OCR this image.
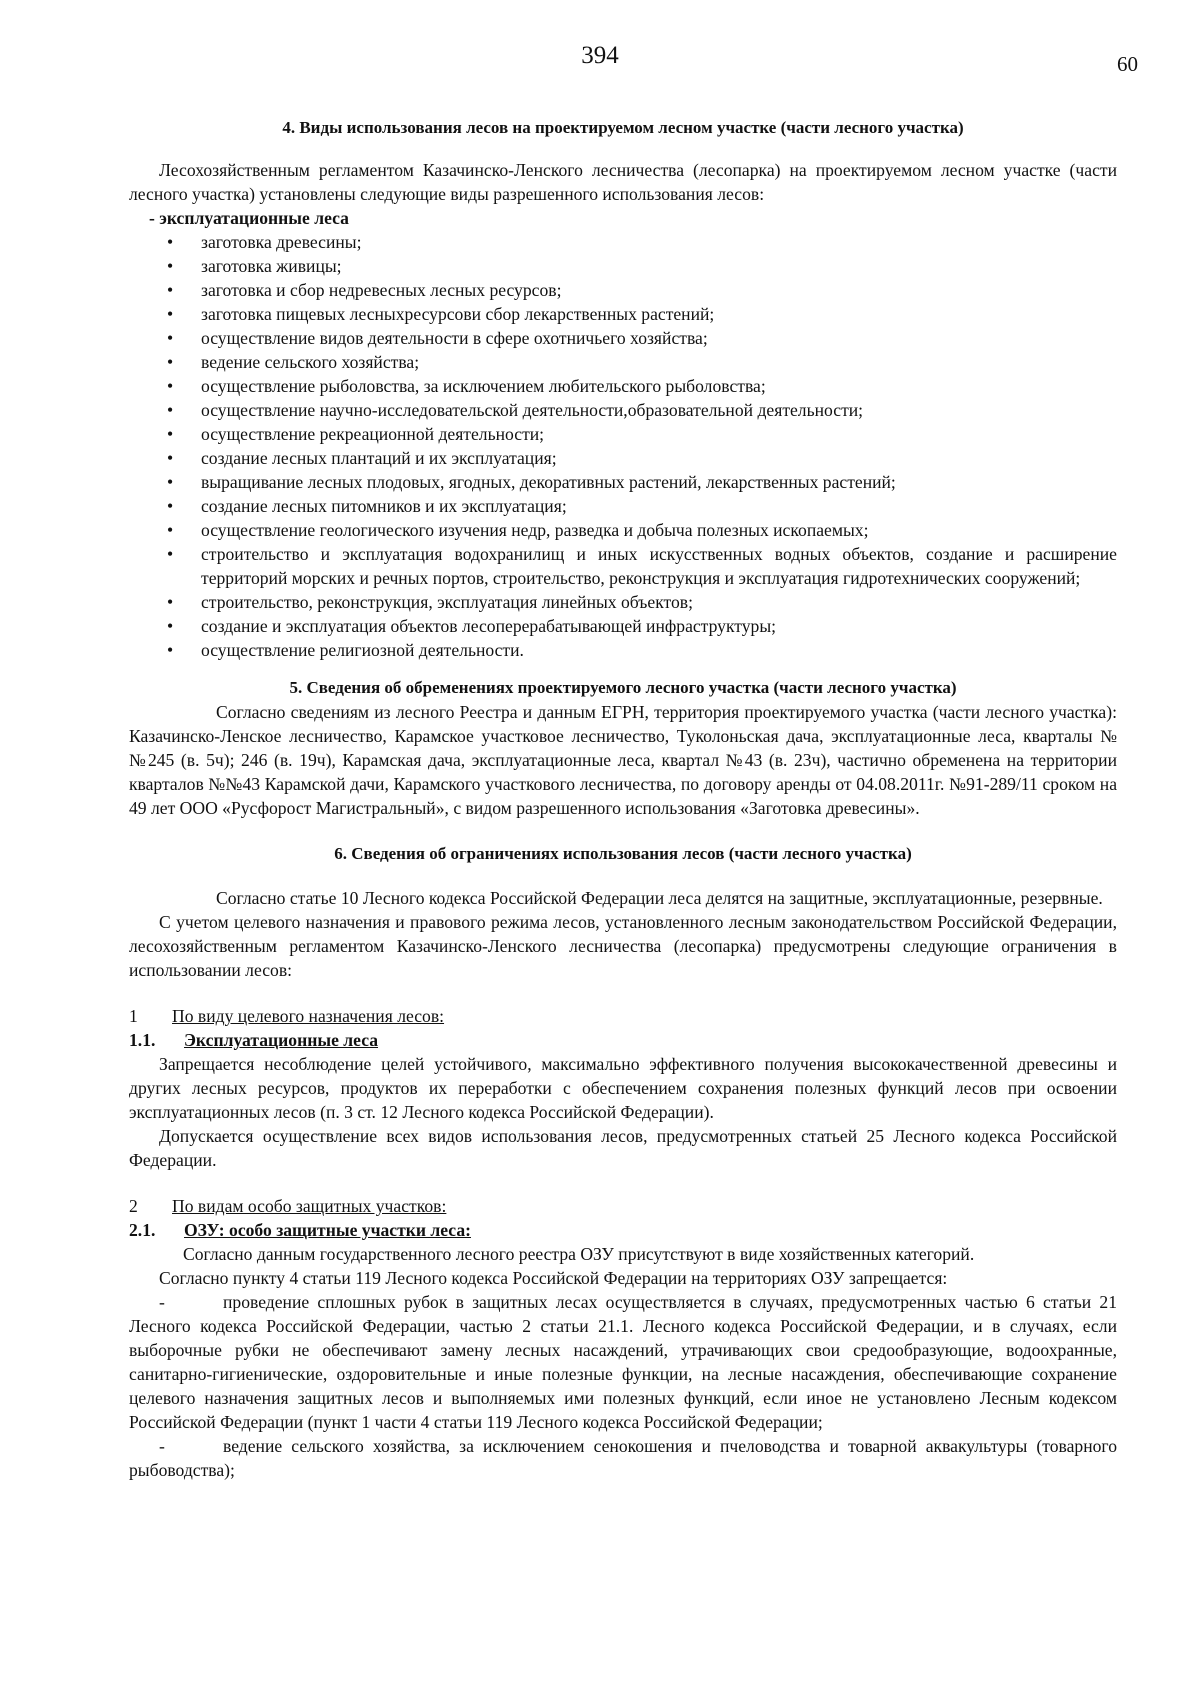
394	60

4. Виды использования лесов на проектируемом лесном участке (части лесного участка)

Лесохозяйственным регламентом Казачинско-Ленского лесничества (лесопарка) на проектируемом лесном участке (части лесного участка) установлены следующие виды разрешенного использования лесов:

- эксплуатационные леса

• заготовка древесины;
• заготовка живицы;
• заготовка и сбор недревесных лесных ресурсов;
• заготовка пищевых лесныхресурсови сбор лекарственных растений;
• осуществление видов деятельности в сфере охотничьего хозяйства;
• ведение сельского хозяйства;
• осуществление рыболовства, за исключением любительского рыболовства;
• осуществление научно-исследовательской деятельности,образовательной деятельности;
• осуществление рекреационной деятельности;
• создание лесных плантаций и их эксплуатация;
• выращивание лесных плодовых, ягодных, декоративных растений, лекарственных растений;
• создание лесных питомников и их эксплуатация;
• осуществление геологического изучения недр, разведка и добыча полезных ископаемых;
• строительство и эксплуатация водохранилищ и иных искусственных водных объектов, создание и расширение территорий морских и речных портов, строительство, реконструкция и эксплуатация гидротехнических сооружений;
• строительство, реконструкция, эксплуатация линейных объектов;
• создание и эксплуатация объектов лесоперерабатывающей инфраструктуры;
• осуществление религиозной деятельности.

5. Сведения об обременениях проектируемого лесного участка (части лесного участка)

Согласно сведениям из лесного Реестра и данным ЕГРН, территория проектируемого участка (части лесного участка): Казачинско-Ленское лесничество, Карамское участковое лесничество, Туколоньская дача, эксплуатационные леса, кварталы №№245 (в. 5ч); 246 (в. 19ч), Карамская дача, эксплуатационные леса, квартал №43 (в. 23ч), частично обременена на территории кварталов №№43 Карамской дачи, Карамского участкового лесничества, по договору аренды от 04.08.2011г. №91-289/11 сроком на 49 лет ООО «Русфорост Магистральный», с видом разрешенного использования «Заготовка древесины».

6. Сведения об ограничениях использования лесов (части лесного участка)

Согласно статье 10 Лесного кодекса Российской Федерации леса делятся на защитные, эксплуатационные, резервные.

С учетом целевого назначения и правового режима лесов, установленного лесным законодательством Российской Федерации, лесохозяйственным регламентом Казачинско-Ленского лесничества (лесопарка) предусмотрены следующие ограничения в использовании лесов:

1	По виду целевого назначения лесов:
1.1.	Эксплуатационные леса

Запрещается несоблюдение целей устойчивого, максимально эффективного получения высококачественной древесины и других лесных ресурсов, продуктов их переработки с обеспечением сохранения полезных функций лесов при освоении эксплуатационных лесов (п. 3 ст. 12 Лесного кодекса Российской Федерации).

Допускается осуществление всех видов использования лесов, предусмотренных статьей 25 Лесного кодекса Российской Федерации.

2	По видам особо защитных участков:
2.1.	ОЗУ: особо защитные участки леса:

Согласно данным государственного лесного реестра ОЗУ присутствуют в виде хозяйственных категорий.

Согласно пункту 4 статьи 119 Лесного кодекса Российской Федерации на территориях ОЗУ запрещается:

-	проведение сплошных рубок в защитных лесах осуществляется в случаях, предусмотренных частью 6 статьи 21 Лесного кодекса Российской Федерации, частью 2 статьи 21.1. Лесного кодекса Российской Федерации, и в случаях, если выборочные рубки не обеспечивают замену лесных насаждений, утрачивающих свои средообразующие, водоохранные, санитарно-гигиенические, оздоровительные и иные полезные функции, на лесные насаждения, обеспечивающие сохранение целевого назначения защитных лесов и выполняемых ими полезных функций, если иное не установлено Лесным кодексом Российской Федерации (пункт 1 части 4 статьи 119 Лесного кодекса Российской Федерации;

-	ведение сельского хозяйства, за исключением сенокошения и пчеловодства и товарной аквакультуры (товарного рыбоводства);
